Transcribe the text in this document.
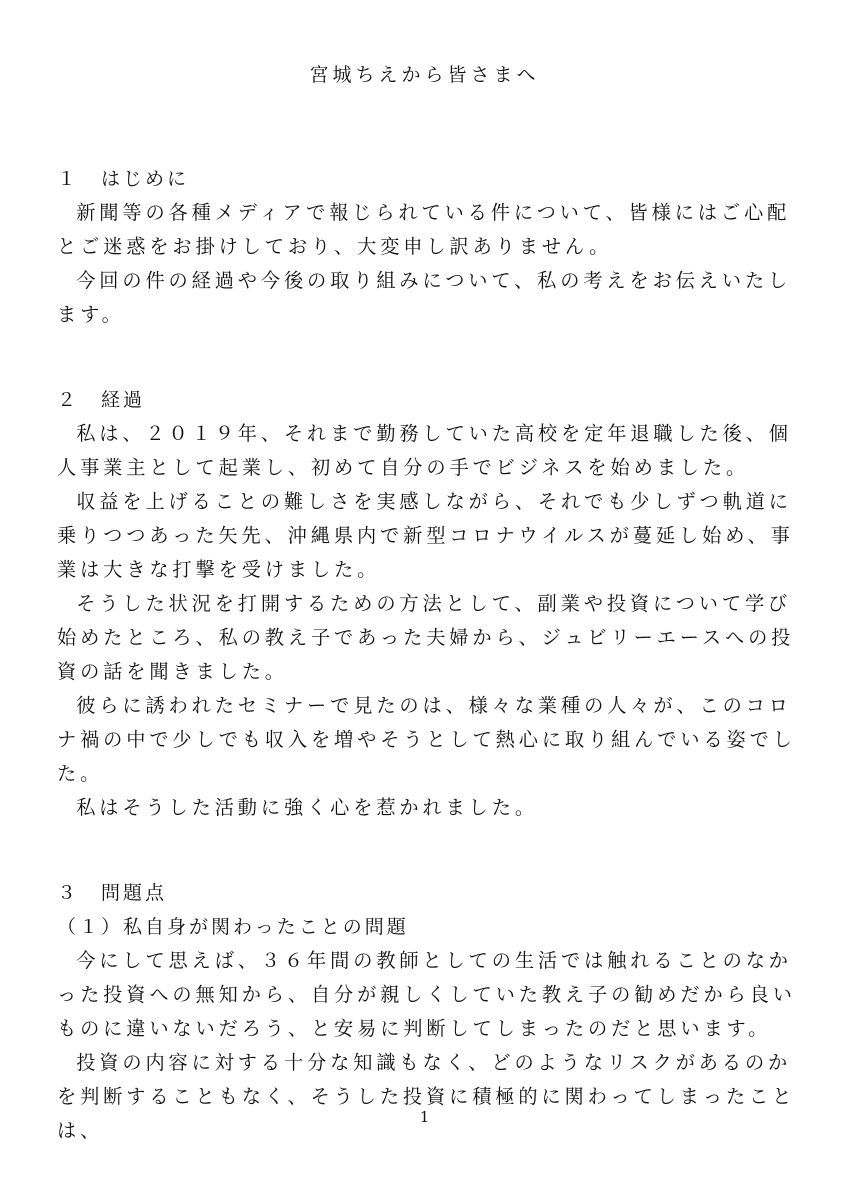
宮城ちえから皆さまへ
１　はじめに

新聞等の各種メディアで報じられている件について、皆様にはご心配とご迷惑をお掛けしており、大変申し訳ありません。

今回の件の経過や今後の取り組みについて、私の考えをお伝えいたします。

２　経過

私は、２０１９年、それまで勤務していた高校を定年退職した後、個人事業主として起業し、初めて自分の手でビジネスを始めました。

収益を上げることの難しさを実感しながら、それでも少しずつ軌道に乗りつつあった矢先、沖縄県内で新型コロナウイルスが蔓延し始め、事業は大きな打撃を受けました。

そうした状況を打開するための方法として、副業や投資について学び始めたところ、私の教え子であった夫婦から、ジュビリーエースへの投資の話を聞きました。

彼らに誘われたセミナーで見たのは、様々な業種の人々が、このコロナ禍の中で少しでも収入を増やそうとして熱心に取り組んでいる姿でした。

私はそうした活動に強く心を惹かれました。

３　問題点
（１）私自身が関わったことの問題

今にして思えば、３６年間の教師としての生活では触れることのなかった投資への無知から、自分が親しくしていた教え子の勧めだから良いものに違いないだろう、と安易に判断してしまったのだと思います。

投資の内容に対する十分な知識もなく、どのようなリスクがあるのかを判断することもなく、そうした投資に積極的に関わってしまったことは、

1
